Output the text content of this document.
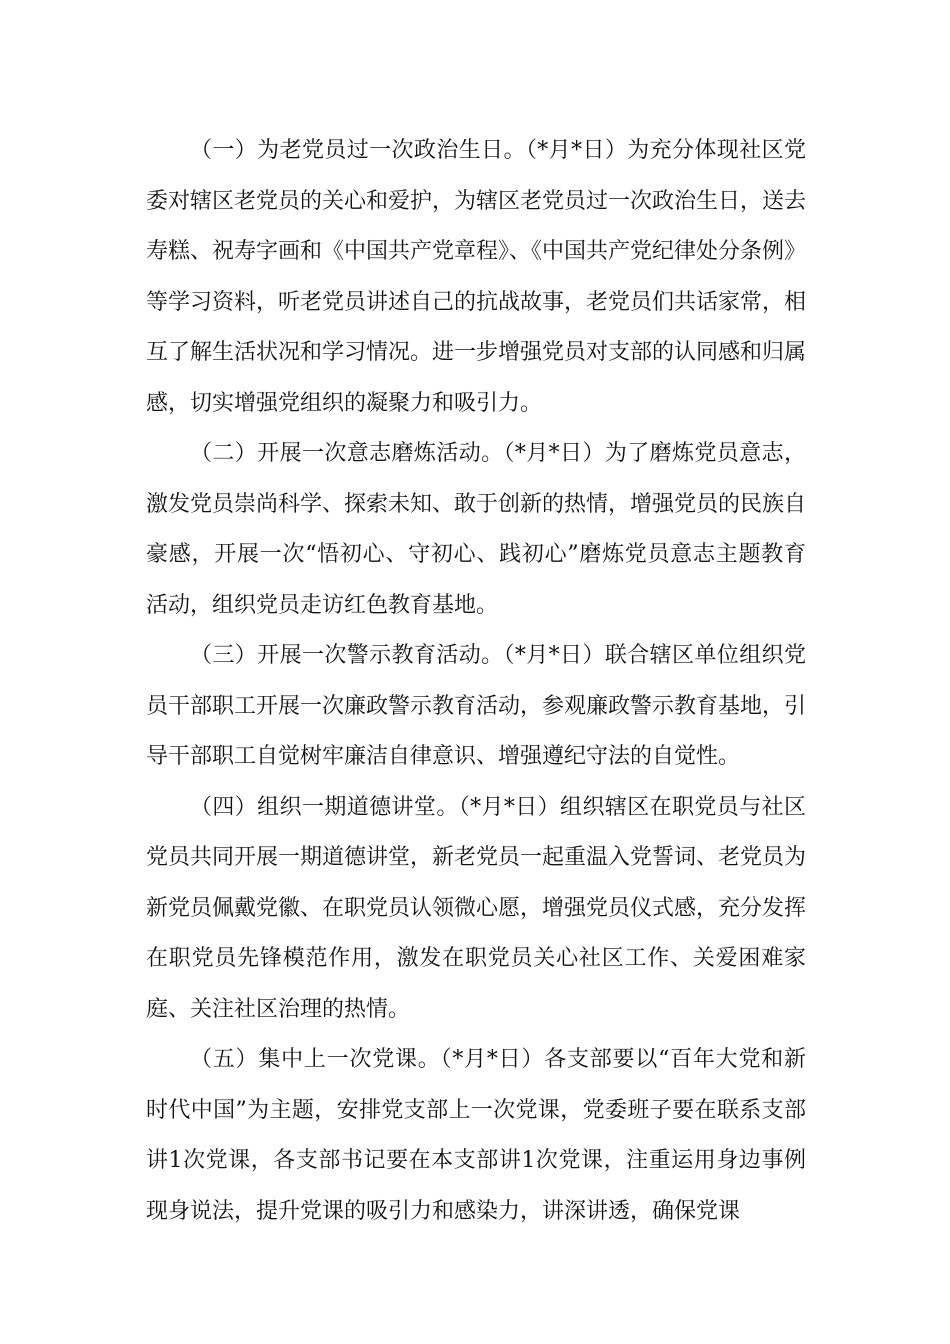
（一）为老党员过一次政治生日。（*月*日）为充分体现社区党委对辖区老党员的关心和爱护，为辖区老党员过一次政治生日，送去寿糕、祝寿字画和《中国共产党章程》、《中国共产党纪律处分条例》等学习资料，听老党员讲述自己的抗战故事，老党员们共话家常，相互了解生活状况和学习情况。进一步增强党员对支部的认同感和归属感，切实增强党组织的凝聚力和吸引力。

（二）开展一次意志磨炼活动。（*月*日）为了磨炼党员意志，激发党员崇尚科学、探索未知、敢于创新的热情，增强党员的民族自豪感，开展一次“悟初心、守初心、践初心”磨炼党员意志主题教育活动，组织党员走访红色教育基地。

（三）开展一次警示教育活动。（*月*日）联合辖区单位组织党员干部职工开展一次廉政警示教育活动，参观廉政警示教育基地，引导干部职工自觉树牢廉洁自律意识、增强遵纪守法的自觉性。

（四）组织一期道德讲堂。（*月*日）组织辖区在职党员与社区党员共同开展一期道德讲堂，新老党员一起重温入党誓词、老党员为新党员佩戴党徽、在职党员认领微心愿，增强党员仪式感，充分发挥在职党员先锋模范作用，激发在职党员关心社区工作、关爱困难家庭、关注社区治理的热情。

（五）集中上一次党课。（*月*日）各支部要以“百年大党和新时代中国”为主题，安排党支部上一次党课，党委班子要在联系支部讲1次党课，各支部书记要在本支部讲1次党课，注重运用身边事例现身说法，提升党课的吸引力和感染力，讲深讲透，确保党课
